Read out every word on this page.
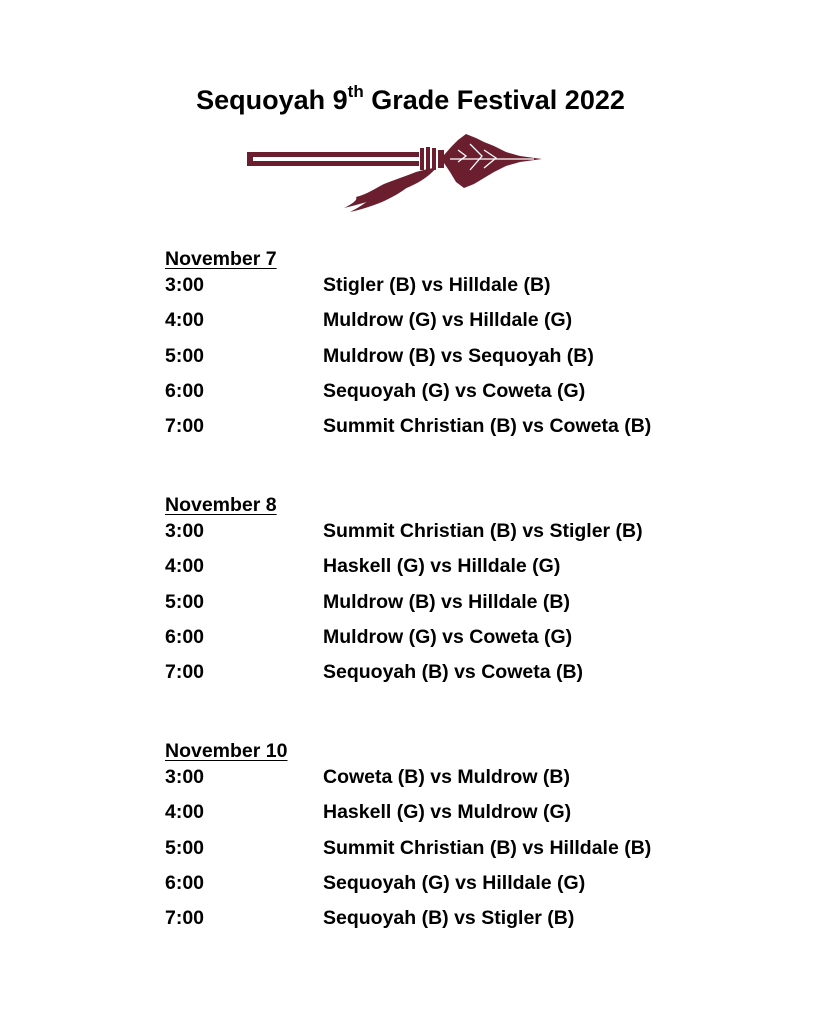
Sequoyah 9th Grade Festival 2022
November 7
3:00	Stigler (B) vs Hilldale (B)
4:00	Muldrow (G) vs Hilldale (G)
5:00	Muldrow (B) vs Sequoyah (B)
6:00	Sequoyah (G) vs Coweta (G)
7:00	Summit Christian (B) vs Coweta (B)
November 8
3:00	Summit Christian (B) vs Stigler (B)
4:00	Haskell (G) vs Hilldale (G)
5:00	Muldrow (B) vs Hilldale (B)
6:00	Muldrow (G) vs Coweta (G)
7:00	Sequoyah (B) vs Coweta (B)
November 10
3:00	Coweta (B) vs Muldrow (B)
4:00	Haskell (G) vs Muldrow (G)
5:00	Summit Christian (B) vs Hilldale (B)
6:00	Sequoyah (G) vs Hilldale (G)
7:00	Sequoyah (B) vs Stigler (B)
